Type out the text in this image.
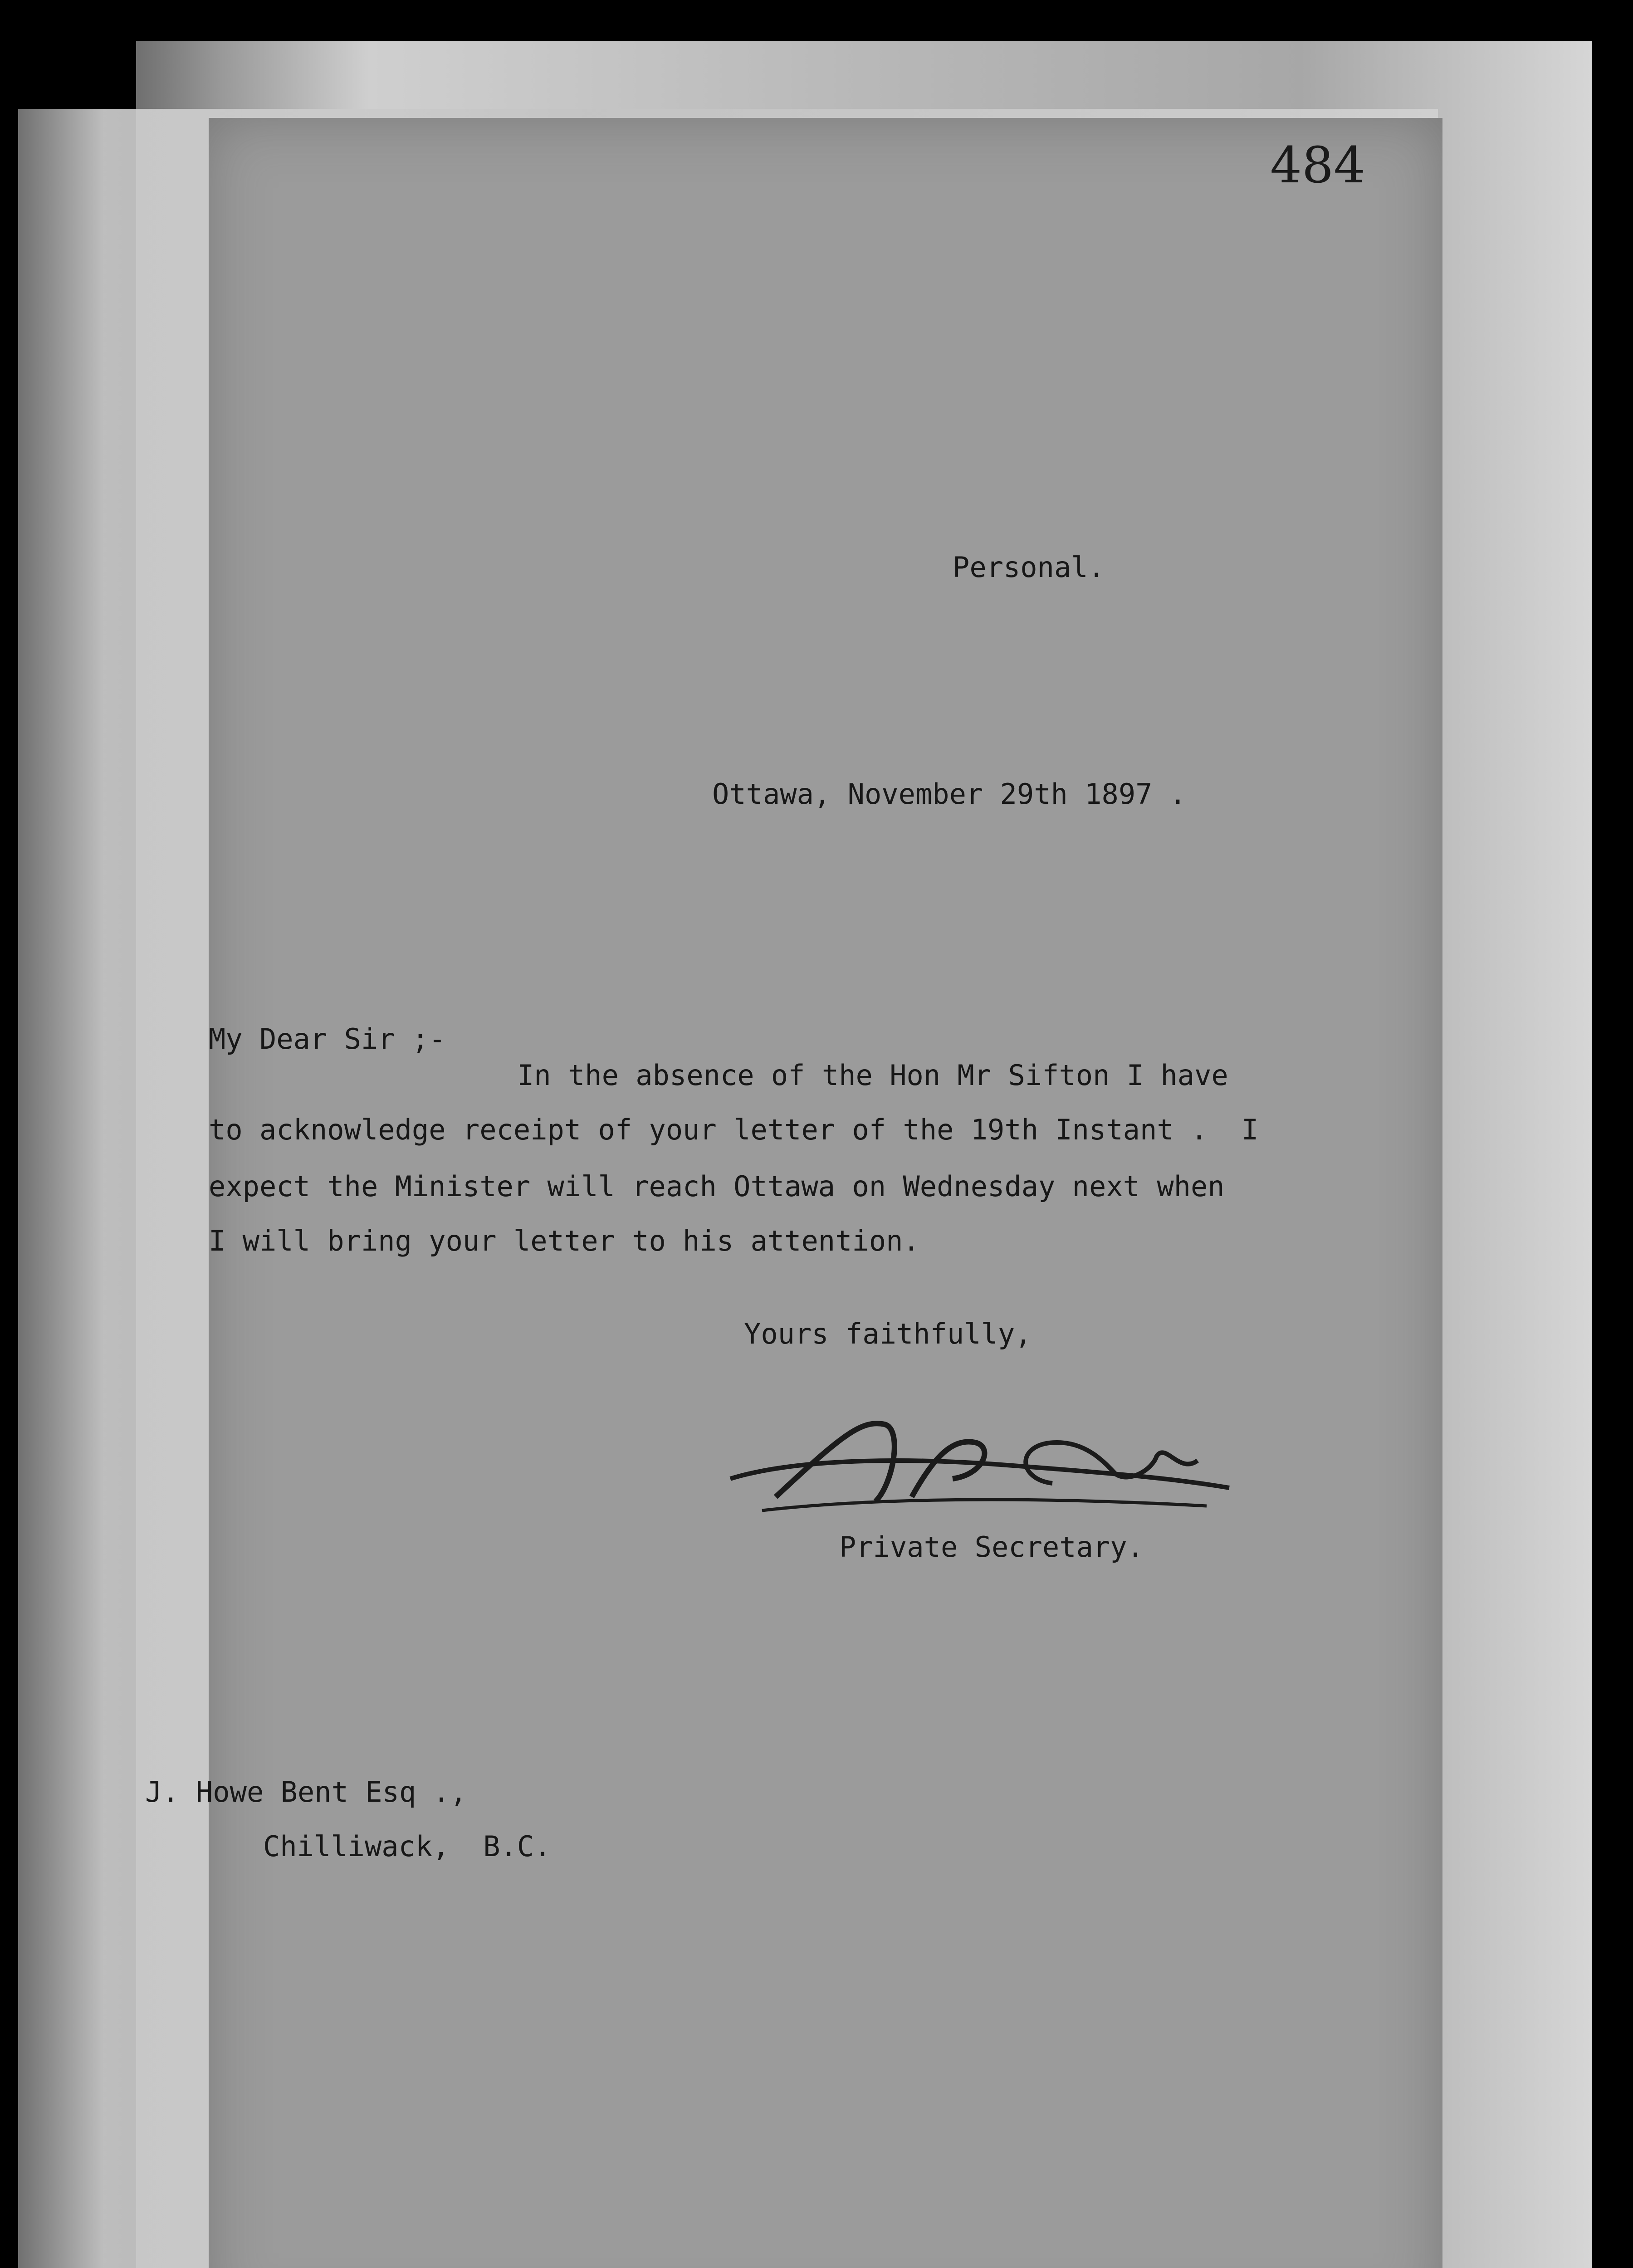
484
Personal.
Ottawa, November 29th 1897 .
My Dear Sir ;-
In the absence of the Hon Mr Sifton I have
to acknowledge receipt of your letter of the 19th Instant .  I
expect the Minister will reach Ottawa on Wednesday next when
I will bring your letter to his attention.
Yours faithfully,
Private Secretary.
J. Howe Bent Esq .,
Chilliwack,  B.C.
